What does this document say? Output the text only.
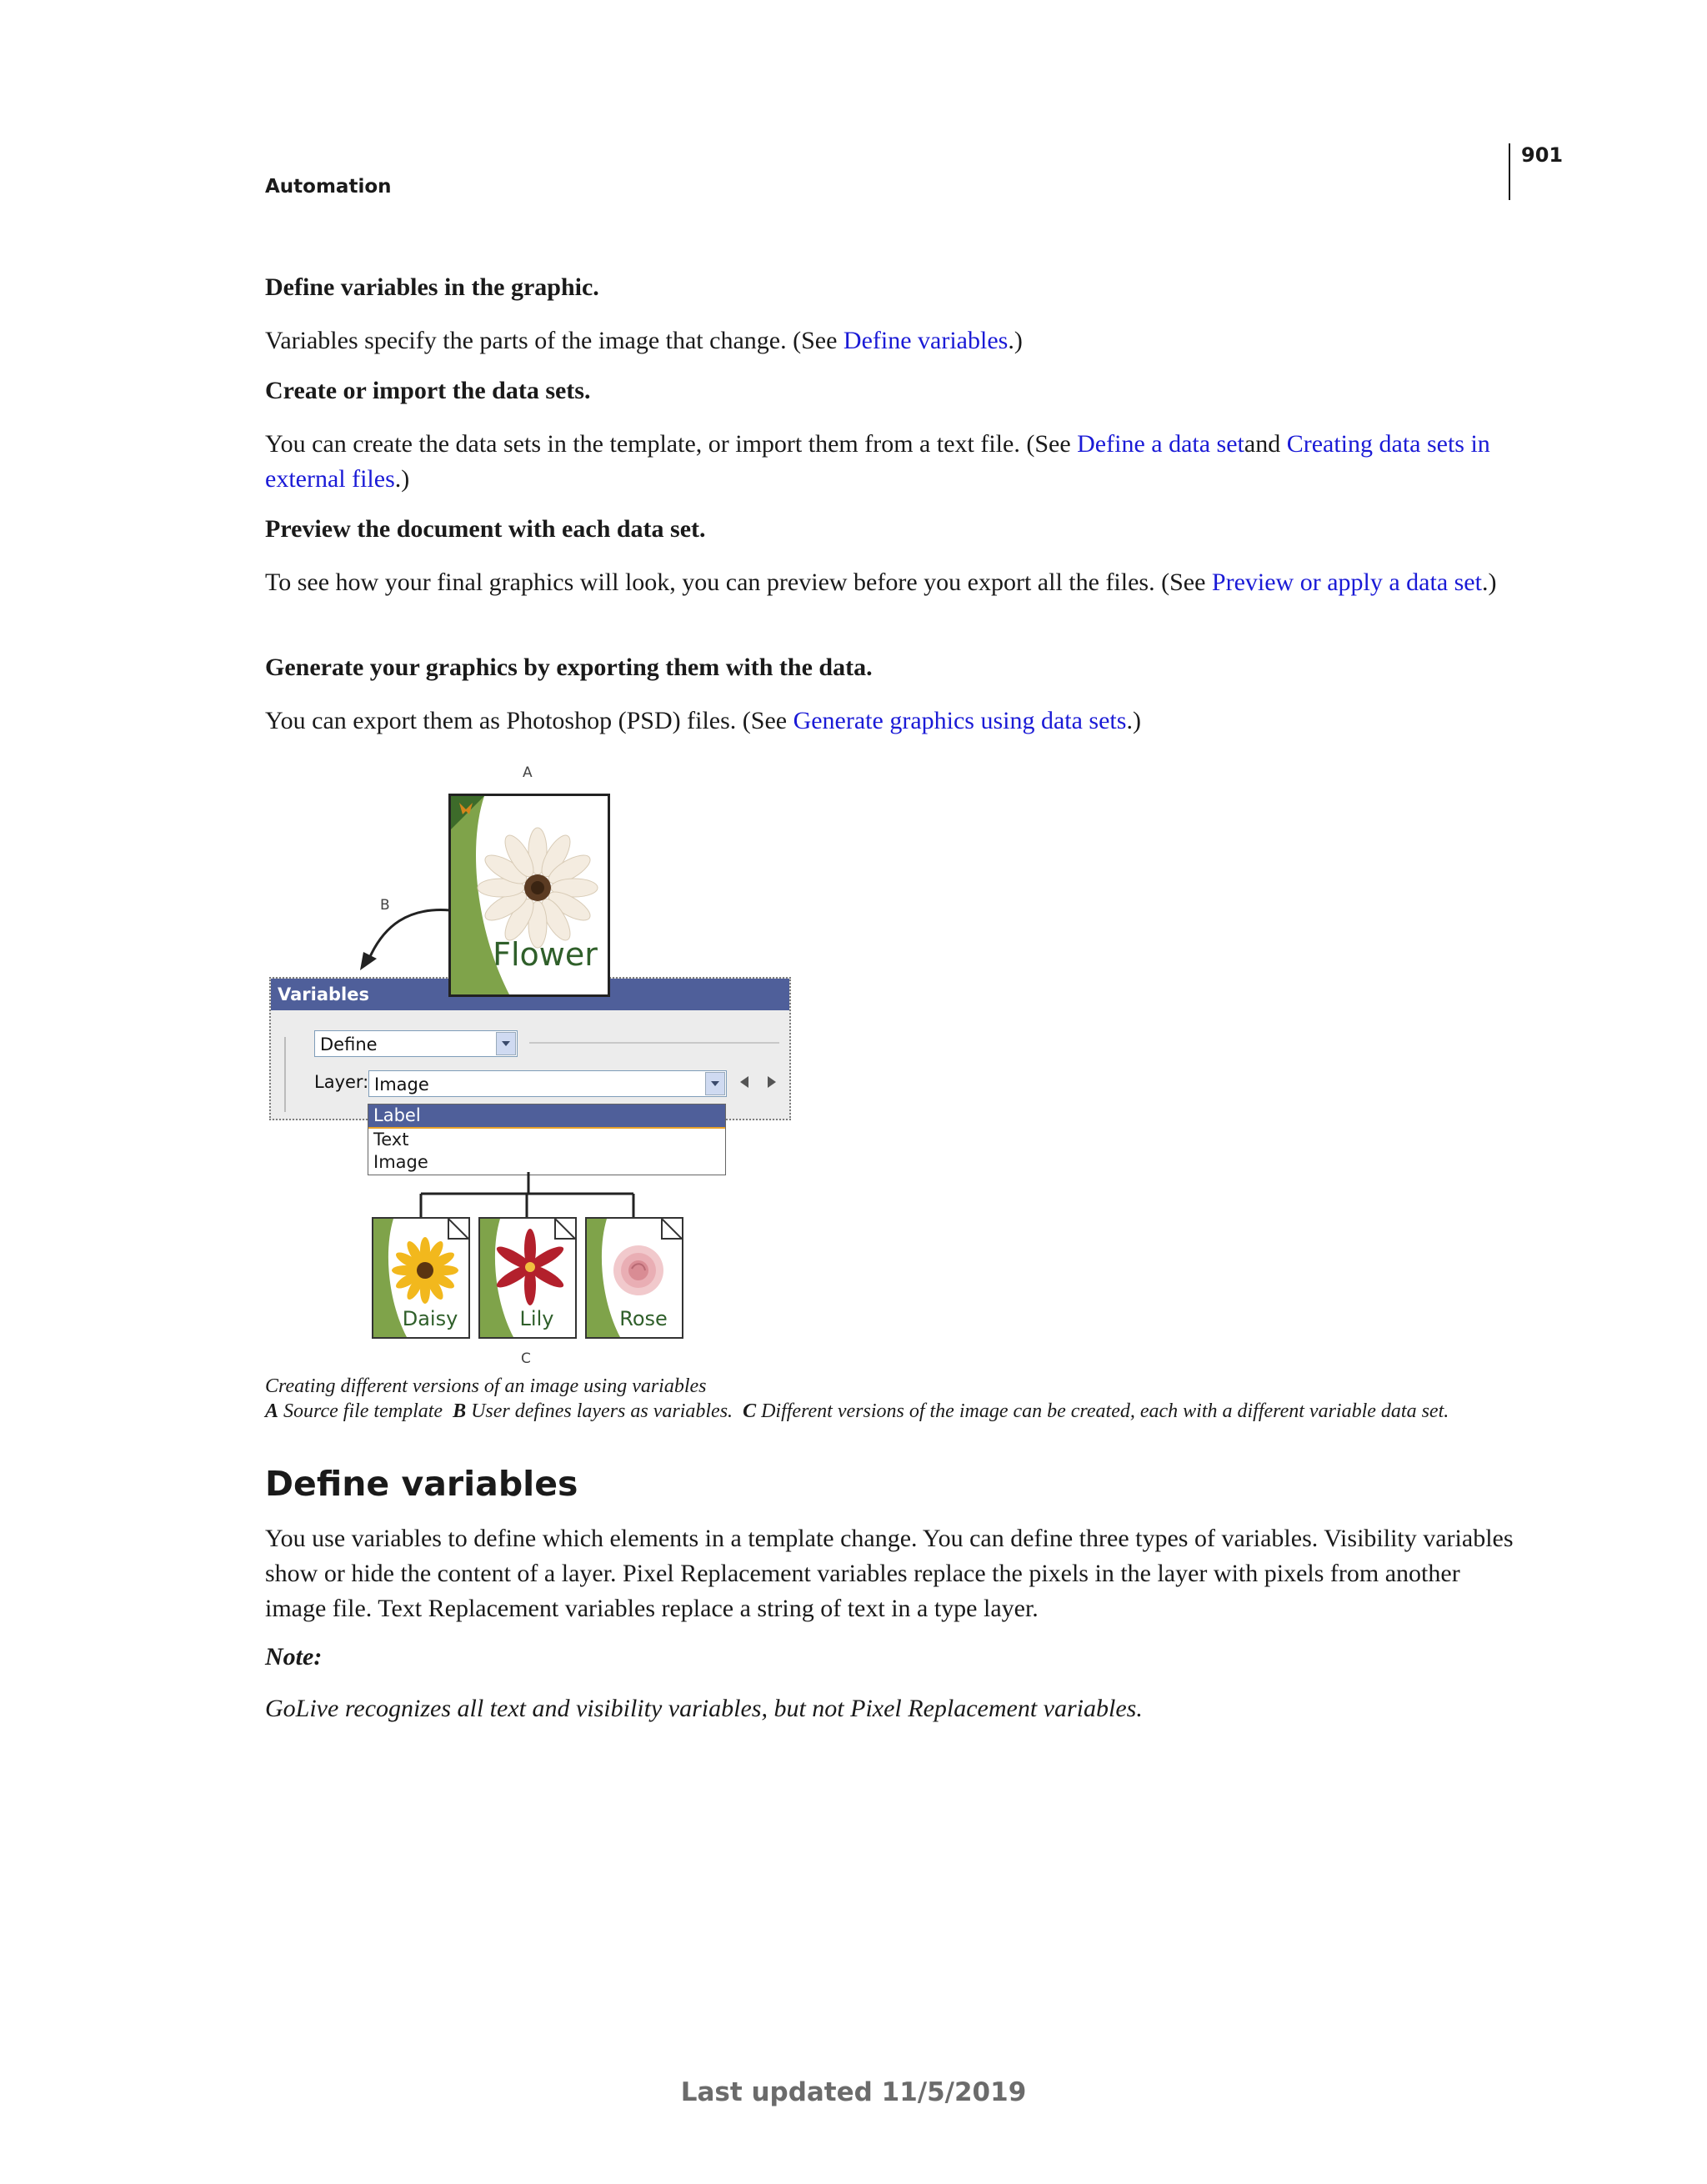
901
Automation
Define variables in the graphic.
Variables specify the parts of the image that change. (See Define variables.)
Create or import the data sets.
You can create the data sets in the template, or import them from a text file. (See Define a data setand Creating data sets in external files.)
Preview the document with each data set.
To see how your final graphics will look, you can preview before you export all the files. (See Preview or apply a data set.)
Generate your graphics by exporting them with the data.
You can export them as Photoshop (PSD) files. (See Generate graphics using data sets.)
A
B
C
Variables
Define
Layer: Image
Label
Text
Image
Flower
Daisy	Lily	Rose
Creating different versions of an image using variables
A Source file template B User defines layers as variables. C Different versions of the image can be created, each with a different variable data set.
Define variables
You use variables to define which elements in a template change. You can define three types of variables. Visibility variables show or hide the content of a layer. Pixel Replacement variables replace the pixels in the layer with pixels from another image file. Text Replacement variables replace a string of text in a type layer.
Note:
GoLive recognizes all text and visibility variables, but not Pixel Replacement variables.
Last updated 11/5/2019
